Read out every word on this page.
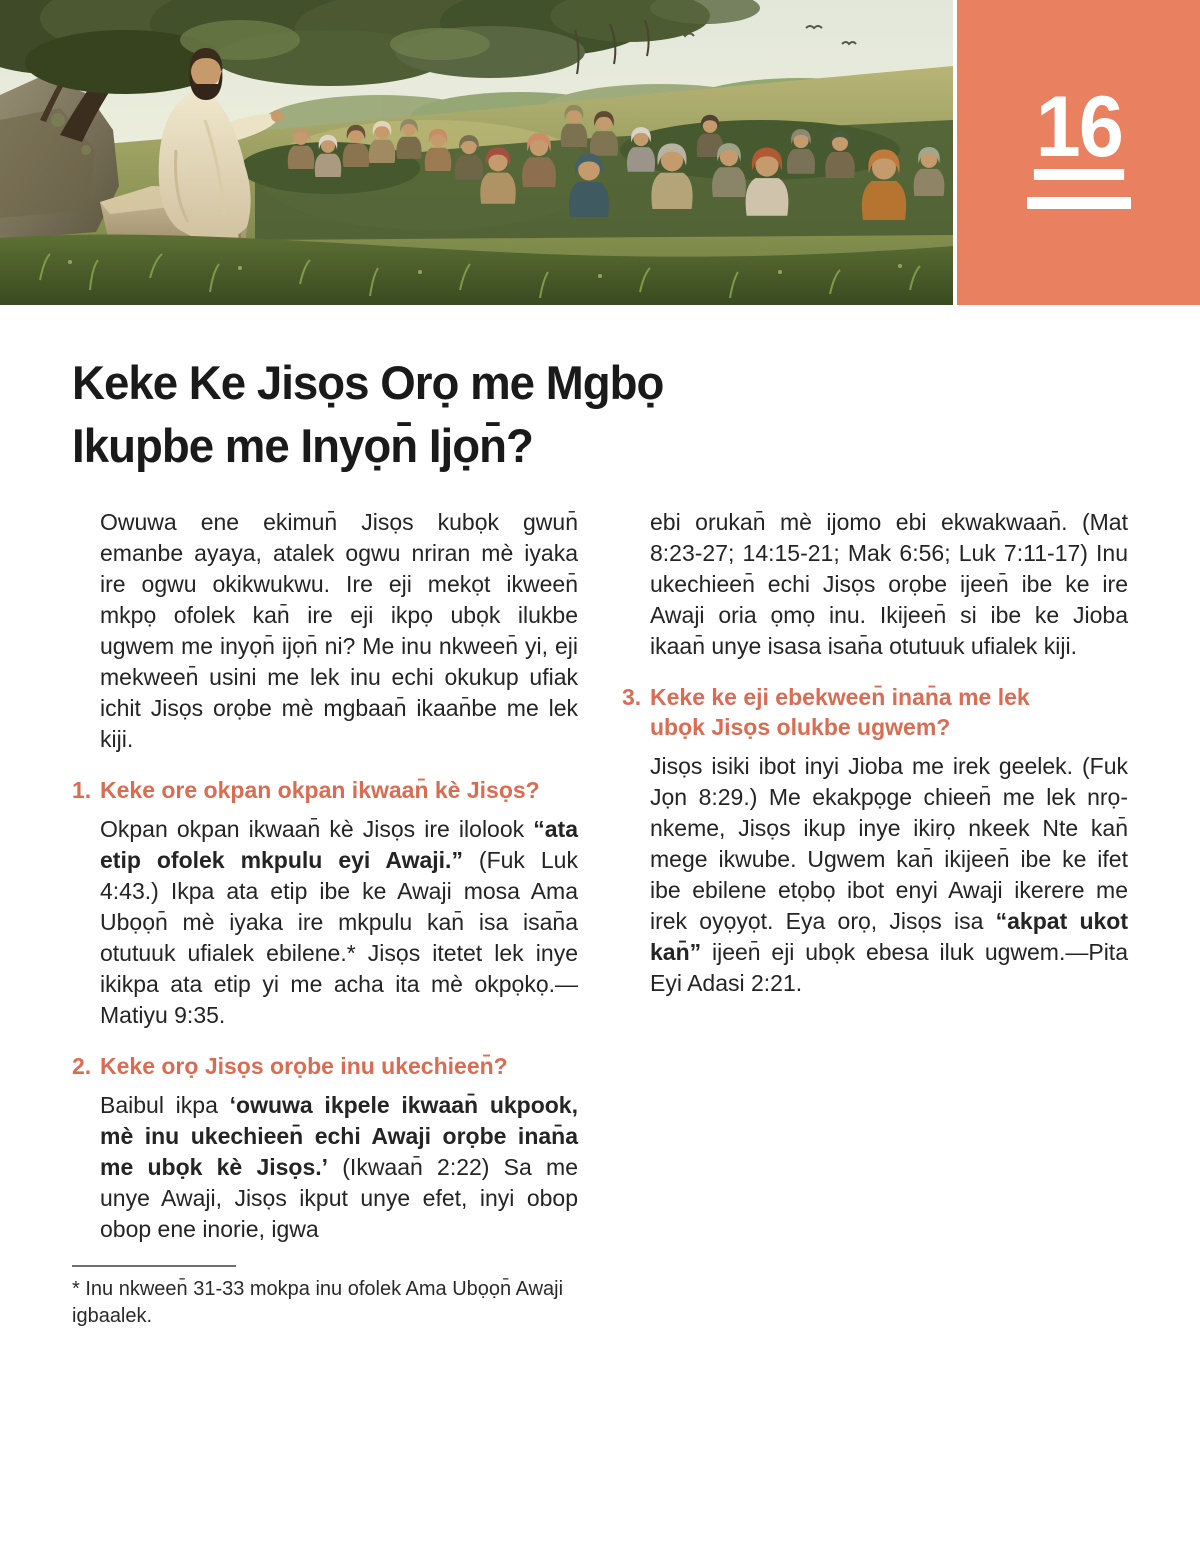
16
Keke Ke Jisọs Orọ me Mgbọ
Ikupbe me Inyọn̄ Ijọn̄?

Owuwa ene ekimun̄ Jisọs kubọk gwun̄ emanbe ayaya, atalek ogwu nriran mè iyaka ire ogwu okikwukwu. Ire eji mekọt ikween̄ mkpọ ofolek kan̄ ire eji ikpọ ubọk ilukbe ugwem me inyọn̄ ijọn̄ ni? Me inu nkween̄ yi, eji mekween̄ usini me lek inu echi okukup ufiak ichit Jisọs orọbe mè mgbaan̄ ikaan̄be me lek kiji.

1. Keke ore okpan okpan ikwaan̄ kè Jisọs?

Okpan okpan ikwaan̄ kè Jisọs ire ilolook “ata etip ofolek mkpulu eyi Awaji.” (Fuk Luk 4:43.) Ikpa ata etip ibe ke Awaji mosa Ama Ubọọn̄ mè iyaka ire mkpulu kan̄ isa isan̄a otutuuk ufialek ebilene.* Jisọs itetet lek inye ikikpa ata etip yi me acha ita mè okpọkọ.—Matiyu 9:35.

2. Keke orọ Jisọs orọbe inu ukechieen̄?

Baibul ikpa ‘owuwa ikpele ikwaan̄ ukpook, mè inu ukechieen̄ echi Awaji orọbe inan̄a me ubọk kè Jisọs.’ (Ikwaan̄ 2:22) Sa me unye Awaji, Jisọs ikput unye efet, inyi obop obop ene inorie, igwa

* Inu nkween̄ 31-33 mokpa inu ofolek Ama Ubọọn̄ Awaji igbaalek.

ebi orukan̄ mè ijomo ebi ekwakwaan̄. (Mat 8:23-27; 14:15-21; Mak 6:56; Luk 7:11-17) Inu ukechieen̄ echi Jisọs orọbe ijeen̄ ibe ke ire Awaji oria ọmọ inu. Ikijeen̄ si ibe ke Jioba ikaan̄ unye isasa isan̄a otutuuk ufialek kiji.

3. Keke ke eji ebekween̄ inan̄a me lek
ubọk Jisọs olukbe ugwem?

Jisọs isiki ibot inyi Jioba me irek geelek. (Fuk Jọn 8:29.) Me ekakpọge chieen̄ me lek nrọ-nkeme, Jisọs ikup inye ikirọ nkeek Nte kan̄ mege ikwube. Ugwem kan̄ ikijeen̄ ibe ke ifet ibe ebilene etọbọ ibot enyi Awaji ikerere me irek oyọyọt. Eya orọ, Jisọs isa “akpat ukot kan̄” ijeen̄ eji ubọk ebesa iluk ugwem.—Pita Eyi Adasi 2:21.
